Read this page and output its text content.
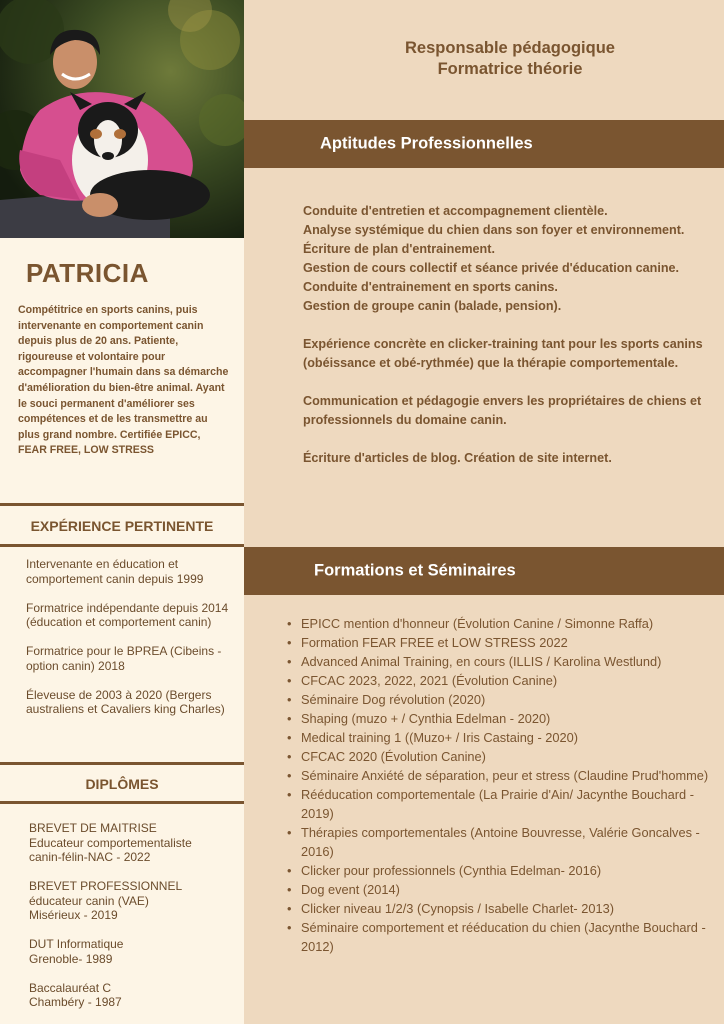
PATRICIA
Compétitrice en sports canins, puis intervenante en comportement canin depuis plus de 20 ans. Patiente, rigoureuse et volontaire pour accompagner l'humain dans sa démarche d'amélioration du bien-être animal. Ayant le souci permanent d'améliorer ses compétences et de les transmettre au plus grand nombre. Certifiée EPICC, FEAR FREE, LOW STRESS
EXPÉRIENCE PERTINENTE

Intervenante en éducation et comportement canin depuis 1999

Formatrice indépendante depuis 2014 (éducation et comportement canin)

Formatrice pour le BPREA (Cibeins - option canin) 2018

Éleveuse de 2003 à 2020 (Bergers australiens et Cavaliers king Charles)

DIPLÔMES

BREVET DE MAITRISE
Educateur comportementaliste
canin-félin-NAC - 2022

BREVET PROFESSIONNEL
éducateur canin (VAE)
Misérieux - 2019

DUT Informatique
Grenoble- 1989

Baccalauréat C
Chambéry - 1987

Responsable pédagogique
Formatrice théorie
Aptitudes Professionnelles
Conduite d'entretien et accompagnement clientèle.
Analyse systémique du chien dans son foyer et environnement.
Écriture de plan d'entrainement.
Gestion de cours collectif et séance privée d'éducation canine.
Conduite d'entrainement en sports canins.
Gestion de groupe canin (balade, pension).
Expérience concrète en clicker-training tant pour les sports canins (obéissance et obé-rythmée) que la thérapie comportementale.
Communication et pédagogie envers les propriétaires de chiens et professionnels du domaine canin.
Écriture d'articles de blog. Création de site internet.
Formations et Séminaires
• EPICC mention d'honneur (Évolution Canine / Simonne Raffa)
• Formation FEAR FREE et LOW STRESS 2022
• Advanced Animal Training, en cours (ILLIS / Karolina Westlund)
• CFCAC 2023, 2022, 2021 (Évolution Canine)
• Séminaire Dog révolution (2020)
• Shaping (muzo + / Cynthia Edelman - 2020)
• Medical training 1 ((Muzo+ / Iris Castaing - 2020)
• CFCAC 2020 (Évolution Canine)
• Séminaire Anxiété de séparation, peur et stress (Claudine Prud'homme)
• Rééducation comportementale (La Prairie d'Ain/ Jacynthe Bouchard - 2019)
• Thérapies comportementales (Antoine Bouvresse, Valérie Goncalves - 2016)
• Clicker pour professionnels (Cynthia Edelman- 2016)
• Dog event (2014)
• Clicker niveau 1/2/3 (Cynopsis / Isabelle Charlet- 2013)
• Séminaire comportement et rééducation du chien (Jacynthe Bouchard - 2012)
